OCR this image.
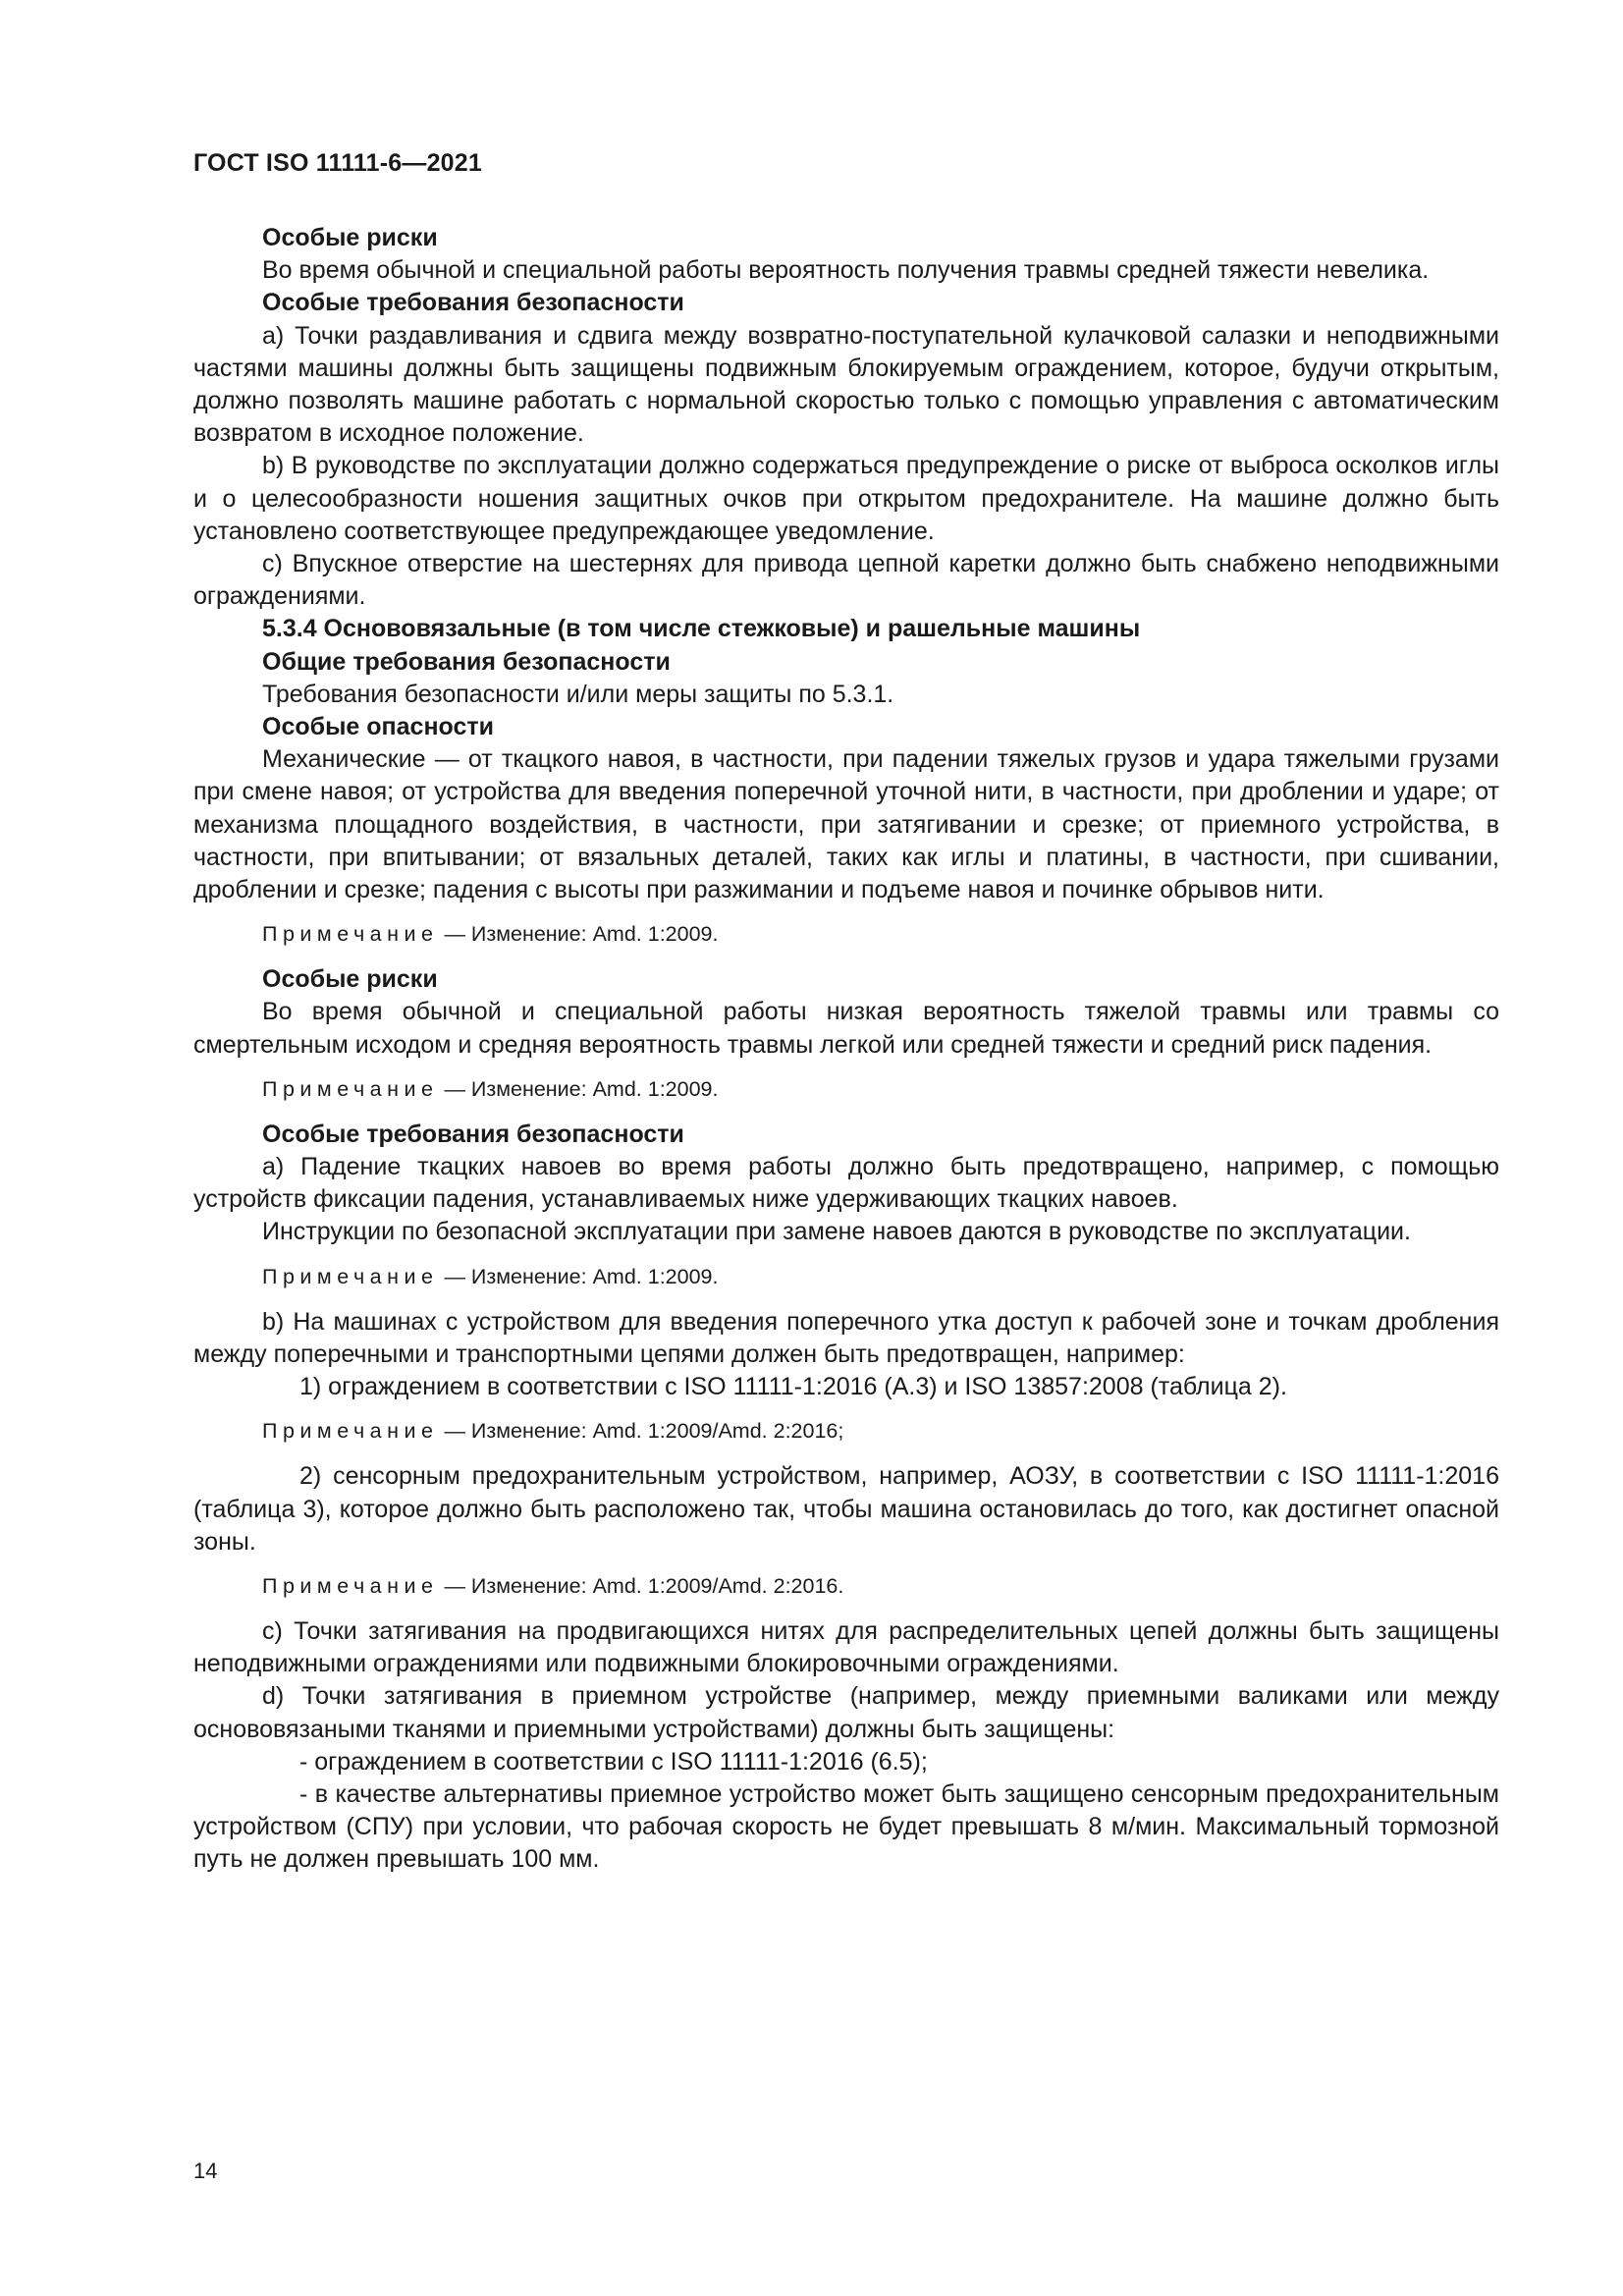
ГОСТ ISO 11111-6—2021

Особые риски

Во время обычной и специальной работы вероятность получения травмы средней тяжести невелика.

Особые требования безопасности

a) Точки раздавливания и сдвига между возвратно-поступательной кулачковой салазки и неподвижными частями машины должны быть защищены подвижным блокируемым ограждением, которое, будучи открытым, должно позволять машине работать с нормальной скоростью только с помощью управления с автоматическим возвратом в исходное положение.

b) В руководстве по эксплуатации должно содержаться предупреждение о риске от выброса осколков иглы и о целесообразности ношения защитных очков при открытом предохранителе. На машине должно быть установлено соответствующее предупреждающее уведомление.

c) Впускное отверстие на шестернях для привода цепной каретки должно быть снабжено неподвижными ограждениями.

5.3.4 Основовязальные (в том числе стежковые) и рашельные машины

Общие требования безопасности

Требования безопасности и/или меры защиты по 5.3.1.

Особые опасности

Механические — от ткацкого навоя, в частности, при падении тяжелых грузов и удара тяжелыми грузами при смене навоя; от устройства для введения поперечной уточной нити, в частности, при дроблении и ударе; от механизма площадного воздействия, в частности, при затягивании и срезке; от приемного устройства, в частности, при впитывании; от вязальных деталей, таких как иглы и платины, в частности, при сшивании, дроблении и срезке; падения с высоты при разжимании и подъеме навоя и починке обрывов нити.

Примечание — Изменение: Amd. 1:2009.

Особые риски

Во время обычной и специальной работы низкая вероятность тяжелой травмы или травмы со смертельным исходом и средняя вероятность травмы легкой или средней тяжести и средний риск падения.

Примечание — Изменение: Amd. 1:2009.

Особые требования безопасности

a) Падение ткацких навоев во время работы должно быть предотвращено, например, с помощью устройств фиксации падения, устанавливаемых ниже удерживающих ткацких навоев.

Инструкции по безопасной эксплуатации при замене навоев даются в руководстве по эксплуатации.

Примечание — Изменение: Amd. 1:2009.

b) На машинах с устройством для введения поперечного утка доступ к рабочей зоне и точкам дробления между поперечными и транспортными цепями должен быть предотвращен, например:

1) ограждением в соответствии с ISO 11111-1:2016 (A.3) и ISO 13857:2008 (таблица 2).

Примечание — Изменение: Amd. 1:2009/Amd. 2:2016;

2) сенсорным предохранительным устройством, например, АОЗУ, в соответствии с ISO 11111-1:2016 (таблица 3), которое должно быть расположено так, чтобы машина остановилась до того, как достигнет опасной зоны.

Примечание — Изменение: Amd. 1:2009/Amd. 2:2016.

c) Точки затягивания на продвигающихся нитях для распределительных цепей должны быть защищены неподвижными ограждениями или подвижными блокировочными ограждениями.

d) Точки затягивания в приемном устройстве (например, между приемными валиками или между основовязаными тканями и приемными устройствами) должны быть защищены:

- ограждением в соответствии с ISO 11111-1:2016 (6.5);

- в качестве альтернативы приемное устройство может быть защищено сенсорным предохранительным устройством (СПУ) при условии, что рабочая скорость не будет превышать 8 м/мин. Максимальный тормозной путь не должен превышать 100 мм.

14
